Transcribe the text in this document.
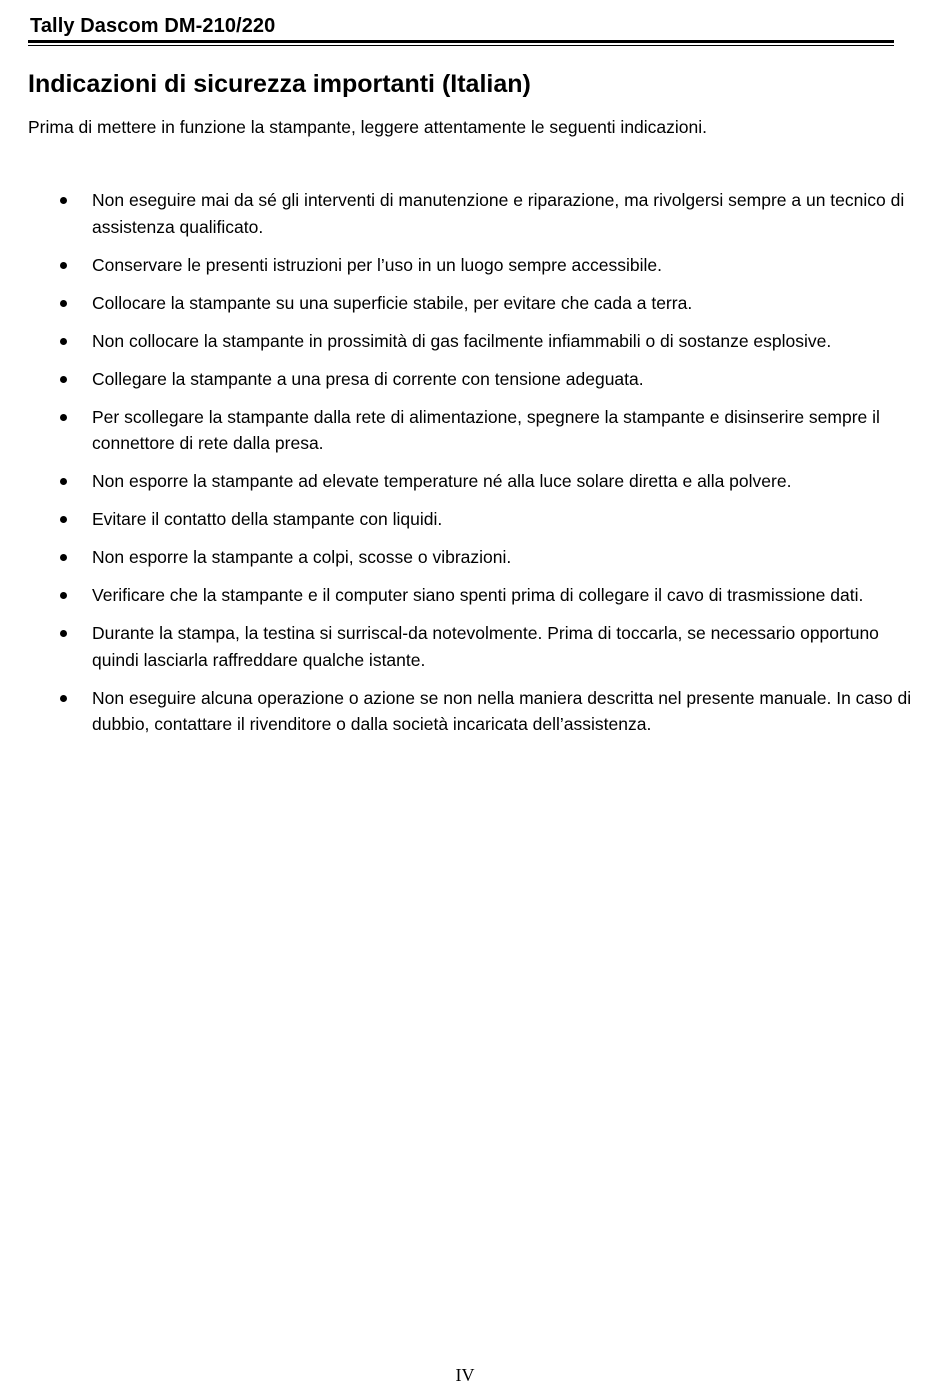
Tally Dascom DM-210/220
Indicazioni di sicurezza importanti (Italian)

Prima di mettere in funzione la stampante, leggere attentamente le seguenti indicazioni.

Non eseguire mai da sé gli interventi di manutenzione e riparazione, ma rivolgersi sempre a un tecnico di assistenza qualificato.
Conservare le presenti istruzioni per l’uso in un luogo sempre accessibile.
Collocare la stampante su una superficie stabile, per evitare che cada a terra.
Non collocare la stampante in prossimità di gas facilmente infiammabili o di sostanze esplosive.
Collegare la stampante a una presa di corrente con tensione adeguata.
Per scollegare la stampante dalla rete di alimentazione, spegnere la stampante e disinserire sempre il connettore di rete dalla presa.
Non esporre la stampante ad elevate temperature né alla luce solare diretta e alla polvere.
Evitare il contatto della stampante con liquidi.
Non esporre la stampante a colpi, scosse o vibrazioni.
Verificare che la stampante e il computer siano spenti prima di collegare il cavo di trasmissione dati.
Durante la stampa, la testina si surriscal-da notevolmente. Prima di toccarla, se necessario opportuno quindi lasciarla raffreddare qualche istante.
Non eseguire alcuna operazione o azione se non nella maniera descritta nel presente manuale. In caso di dubbio, contattare il rivenditore o dalla società incaricata dell’assistenza.
IV
